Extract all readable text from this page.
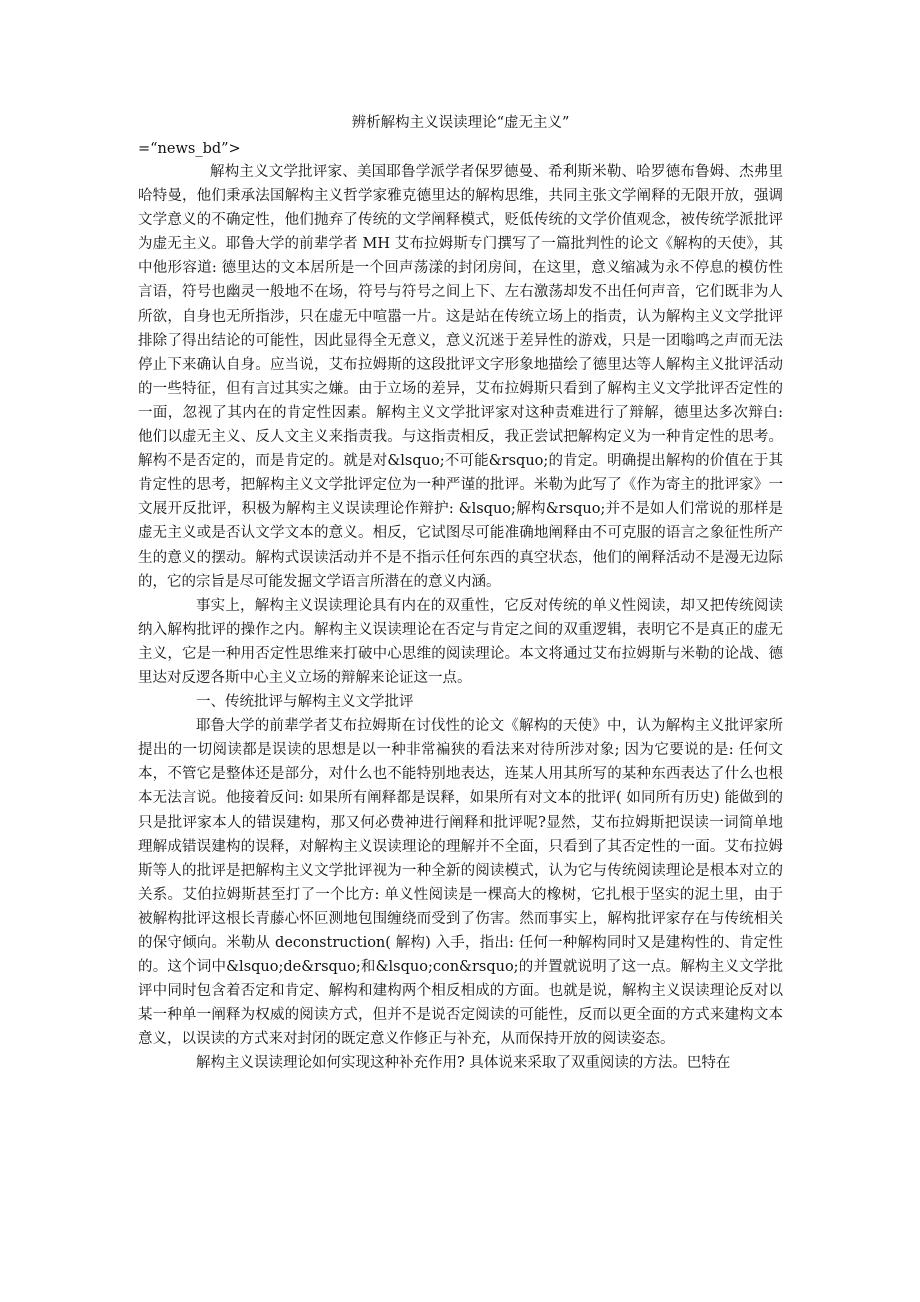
辨析解构主义误读理论“虚无主义”
=“news_bd”>

解构主义文学批评家、美国耶鲁学派学者保罗德曼、希利斯米勒、哈罗德布鲁姆、杰弗里哈特曼，他们秉承法国解构主义哲学家雅克德里达的解构思维，共同主张文学阐释的无限开放，强调文学意义的不确定性，他们抛弃了传统的文学阐释模式，贬低传统的文学价值观念，被传统学派批评为虚无主义。耶鲁大学的前辈学者 MH 艾布拉姆斯专门撰写了一篇批判性的论文《解构的天使》，其中他形容道: 德里达的文本居所是一个回声荡漾的封闭房间，在这里，意义缩减为永不停息的模仿性言语，符号也幽灵一般地不在场，符号与符号之间上下、左右激荡却发不出任何声音，它们既非为人所欲，自身也无所指涉，只在虚无中喧嚣一片。这是站在传统立场上的指责，认为解构主义文学批评排除了得出结论的可能性，因此显得全无意义，意义沉迷于差异性的游戏，只是一团嗡鸣之声而无法停止下来确认自身。应当说，艾布拉姆斯的这段批评文字形象地描绘了德里达等人解构主义批评活动的一些特征，但有言过其实之嫌。由于立场的差异，艾布拉姆斯只看到了解构主义文学批评否定性的一面，忽视了其内在的肯定性因素。解构主义文学批评家对这种责难进行了辩解，德里达多次辩白: 他们以虚无主义、反人文主义来指责我。与这指责相反，我正尝试把解构定义为一种肯定性的思考。 解构不是否定的，而是肯定的。就是对&lsquo;不可能&rsquo;的肯定。明确提出解构的价值在于其肯定性的思考，把解构主义文学批评定位为一种严谨的批评。米勒为此写了《作为寄主的批评家》一文展开反批评，积极为解构主义误读理论作辩护: &lsquo;解构&rsquo;并不是如人们常说的那样是虚无主义或是否认文学文本的意义。相反，它试图尽可能准确地阐释由不可克服的语言之象征性所产生的意义的摆动。解构式误读活动并不是不指示任何东西的真空状态，他们的阐释活动不是漫无边际的，它的宗旨是尽可能发掘文学语言所潜在的意义内涵。

事实上，解构主义误读理论具有内在的双重性，它反对传统的单义性阅读，却又把传统阅读纳入解构批评的操作之内。解构主义误读理论在否定与肯定之间的双重逻辑，表明它不是真正的虚无主义，它是一种用否定性思维来打破中心思维的阅读理论。本文将通过艾布拉姆斯与米勒的论战、德里达对反逻各斯中心主义立场的辩解来论证这一点。

一、传统批评与解构主义文学批评

耶鲁大学的前辈学者艾布拉姆斯在讨伐性的论文《解构的天使》中，认为解构主义批评家所提出的一切阅读都是误读的思想是以一种非常褊狭的看法来对待所涉对象; 因为它要说的是: 任何文本，不管它是整体还是部分，对什么也不能特别地表达，连某人用其所写的某种东西表达了什么也根本无法言说。他接着反问: 如果所有阐释都是误释，如果所有对文本的批评( 如同所有历史) 能做到的只是批评家本人的错误建构，那又何必费神进行阐释和批评呢?显然，艾布拉姆斯把误读一词简单地理解成错误建构的误释，对解构主义误读理论的理解并不全面，只看到了其否定性的一面。艾布拉姆斯等人的批评是把解构主义文学批评视为一种全新的阅读模式，认为它与传统阅读理论是根本对立的关系。艾伯拉姆斯甚至打了一个比方: 单义性阅读是一棵高大的橡树，它扎根于坚实的泥土里，由于被解构批评这根长青藤心怀叵测地包围缠绕而受到了伤害。然而事实上，解构批评家存在与传统相关的保守倾向。米勒从 deconstruction( 解构) 入手，指出: 任何一种解构同时又是建构性的、肯定性的。这个词中&lsquo;de&rsquo;和&lsquo;con&rsquo;的并置就说明了这一点。解构主义文学批评中同时包含着否定和肯定、解构和建构两个相反相成的方面。也就是说，解构主义误读理论反对以某一种单一阐释为权威的阅读方式，但并不是说否定阅读的可能性，反而以更全面的方式来建构文本意义，以误读的方式来对封闭的既定意义作修正与补充，从而保持开放的阅读姿态。

解构主义误读理论如何实现这种补充作用? 具体说来采取了双重阅读的方法。巴特在
